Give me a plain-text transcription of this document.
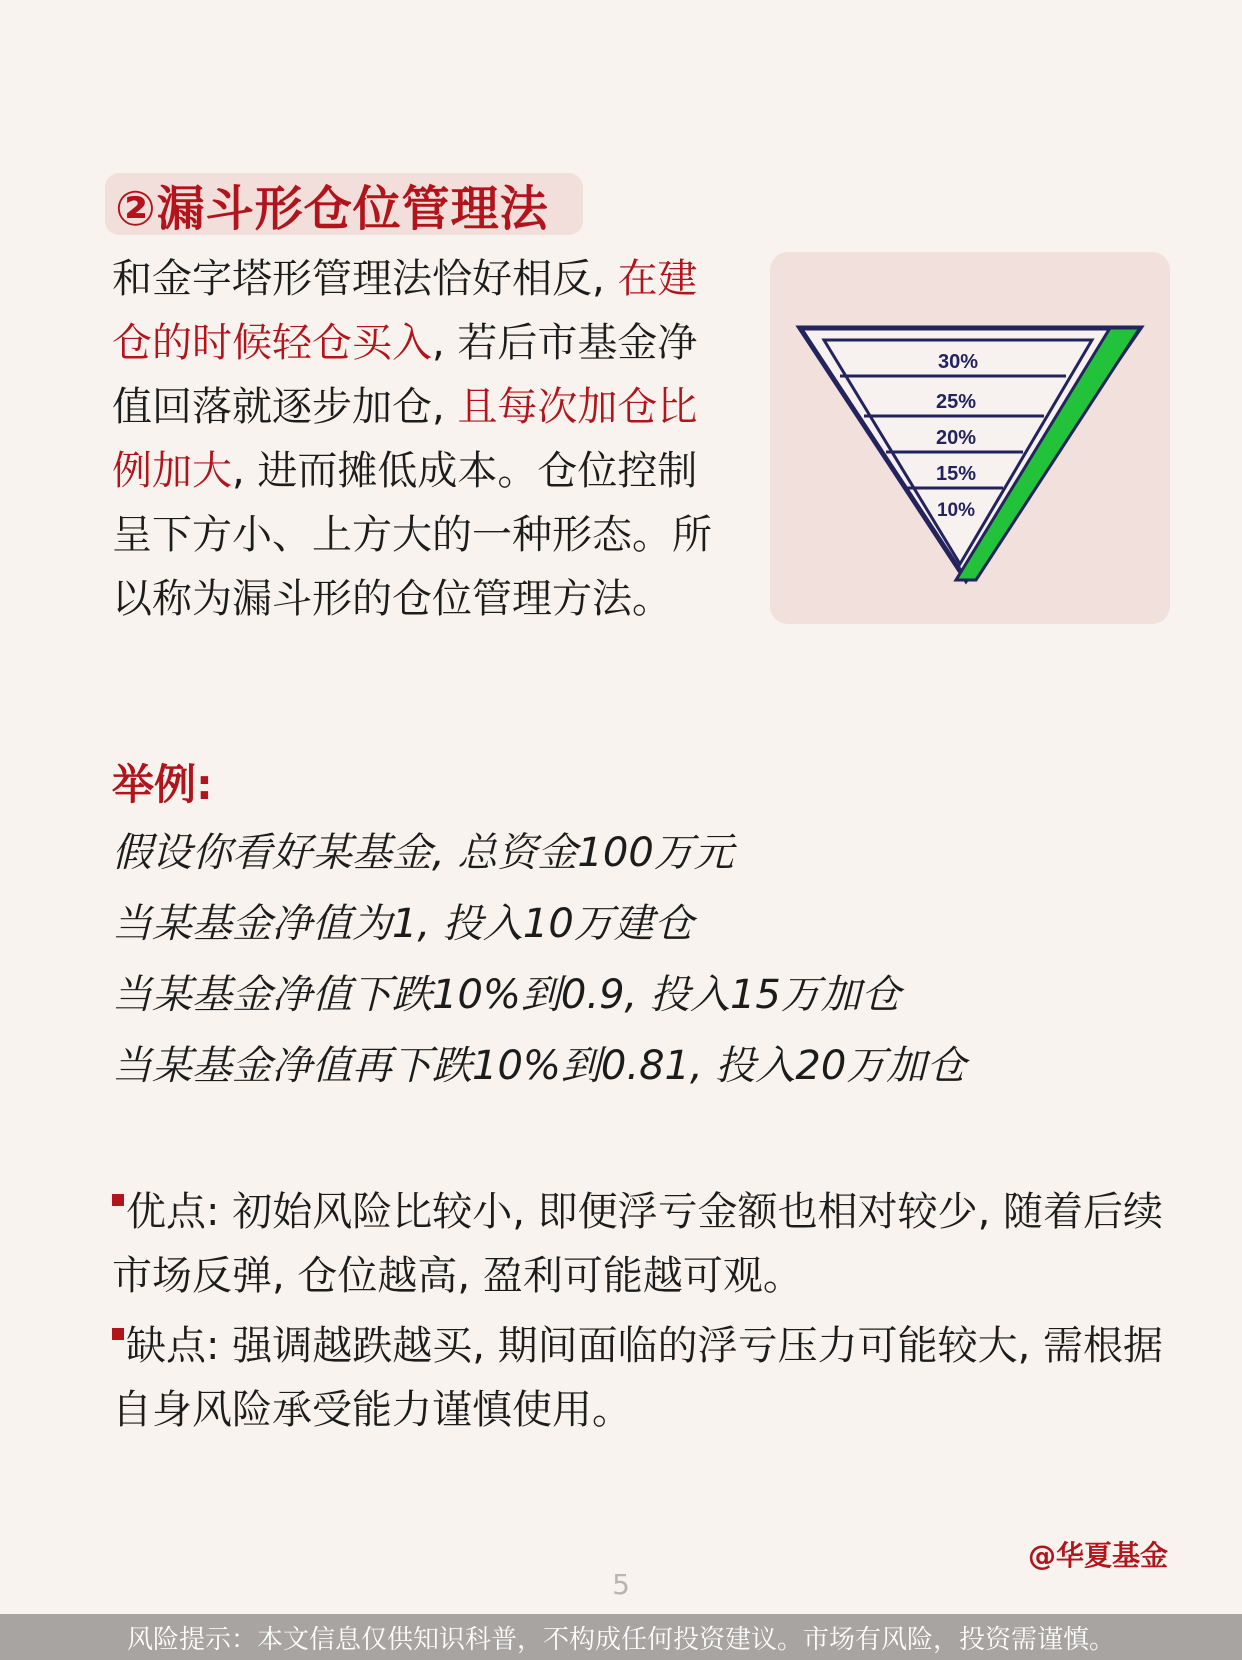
②漏斗形仓位管理法
和金字塔形管理法恰好相反, 在建仓的时候轻仓买入, 若后市基金净值回落就逐步加仓, 且每次加仓比例加大, 进而摊低成本。仓位控制呈下方小、上方大的一种形态。所以称为漏斗形的仓位管理方法。
30%
25%
20%
15%
10%
举例:
假设你看好某基金, 总资金100万元
当某基金净值为1, 投入10万建仓
当某基金净值下跌10%到0.9, 投入15万加仓
当某基金净值再下跌10%到0.81, 投入20万加仓
优点: 初始风险比较小, 即便浮亏金额也相对较少, 随着后续市场反弹, 仓位越高, 盈利可能越可观。
缺点: 强调越跌越买, 期间面临的浮亏压力可能较大, 需根据自身风险承受能力谨慎使用。
@华夏基金
5
风险提示：本文信息仅供知识科普，不构成任何投资建议。市场有风险，投资需谨慎。
